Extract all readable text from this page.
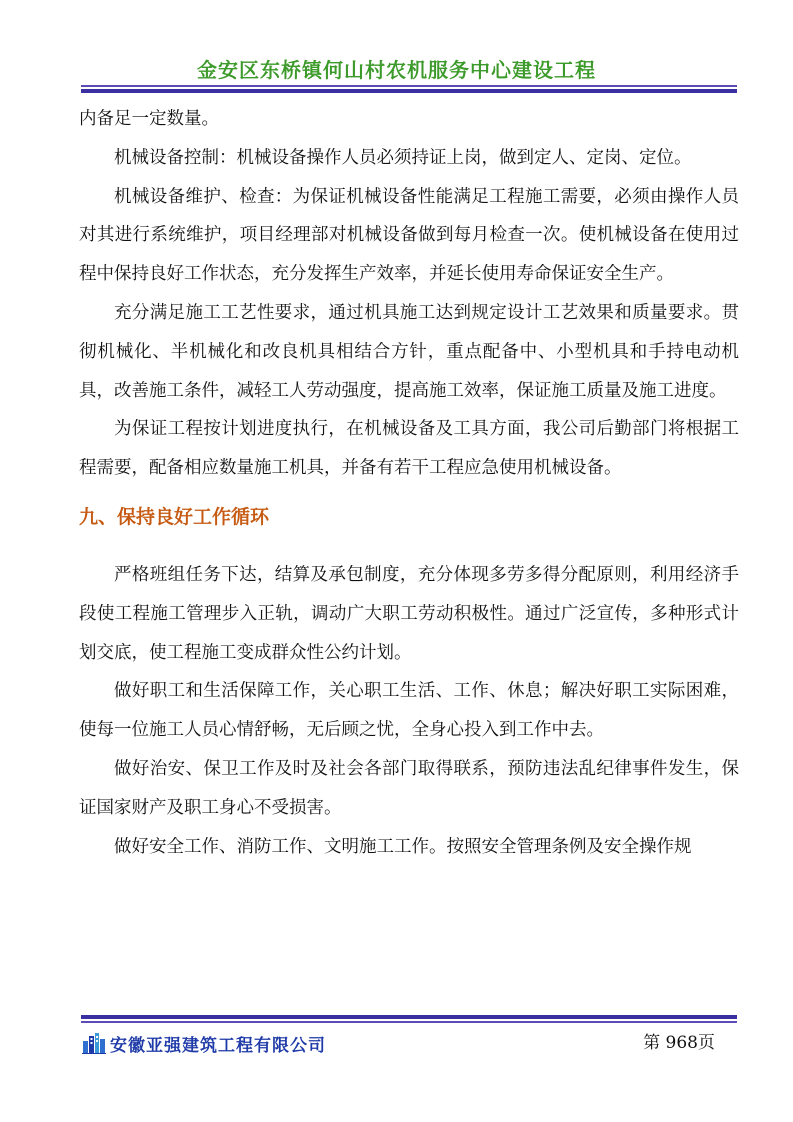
金安区东桥镇何山村农机服务中心建设工程

内备足一定数量。

机械设备控制：机械设备操作人员必须持证上岗，做到定人、定岗、定位。

机械设备维护、检查：为保证机械设备性能满足工程施工需要，必须由操作人员对其进行系统维护，项目经理部对机械设备做到每月检查一次。使机械设备在使用过程中保持良好工作状态，充分发挥生产效率，并延长使用寿命保证安全生产。

充分满足施工工艺性要求，通过机具施工达到规定设计工艺效果和质量要求。贯彻机械化、半机械化和改良机具相结合方针，重点配备中、小型机具和手持电动机具，改善施工条件，减轻工人劳动强度，提高施工效率，保证施工质量及施工进度。

为保证工程按计划进度执行，在机械设备及工具方面，我公司后勤部门将根据工程需要，配备相应数量施工机具，并备有若干工程应急使用机械设备。

九、保持良好工作循环

严格班组任务下达，结算及承包制度，充分体现多劳多得分配原则，利用经济手段使工程施工管理步入正轨，调动广大职工劳动积极性。通过广泛宣传，多种形式计划交底，使工程施工变成群众性公约计划。

做好职工和生活保障工作，关心职工生活、工作、休息；解决好职工实际困难，使每一位施工人员心情舒畅，无后顾之忧，全身心投入到工作中去。

做好治安、保卫工作及时及社会各部门取得联系，预防违法乱纪律事件发生，保证国家财产及职工身心不受损害。

做好安全工作、消防工作、文明施工工作。按照安全管理条例及安全操作规

安徽亚强建筑工程有限公司	第 968页
